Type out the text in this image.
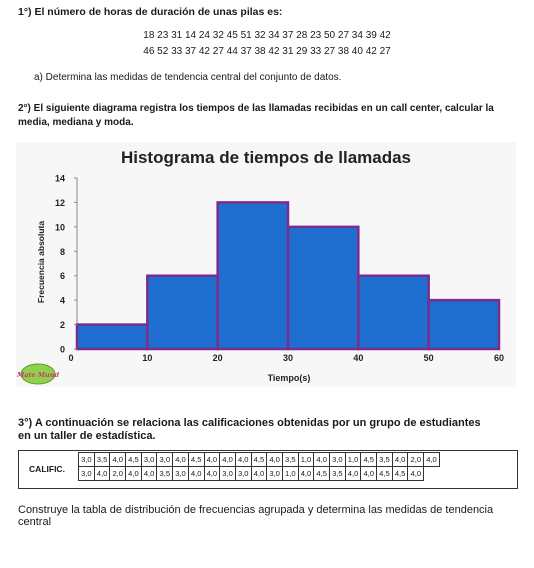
1°) El número de horas de duración de unas pilas es:
18 23 31 14 24 32 45 51 32 34 37 28 23 50 27 34 39 42
46 52 33 37 42 27 44 37 38 42 31 29 33 27 38 40 42 27
a) Determina las medidas de tendencia central del conjunto de datos.
2°) El siguiente diagrama registra los tiempos de las llamadas recibidas en un call center, calcular la
media, mediana y moda.
Histograma de tiempos de llamadas
0
2
4
6
8
10
12
14
0	10	20	30	40	50	60
Tiempo(s)
Frecuencia absoluta
Mate Mund
3°) A continuación se relaciona las calificaciones obtenidas por un grupo de estudiantes
en un taller de estadística.
CALIFIC.
3,0	3,5	4,0	4,5	3,0	3,0	4,0	4,5	4,0	4,0	4,0	4,5	4,0	3,5	1,0	4,0	3,0	1,0	4,5	3,5	4,0	2,0	4,0
3,0	4,0	2,0	4,0	4,0	3,5	3,0	4,0	4,0	3,0	3,0	4,0	3,0	1,0	4,0	4,5	3,5	4,0	4,0	4,5	4,5	4,0	
Construye la tabla de distribución de frecuencias agrupada y determina las medidas de tendencia
central
